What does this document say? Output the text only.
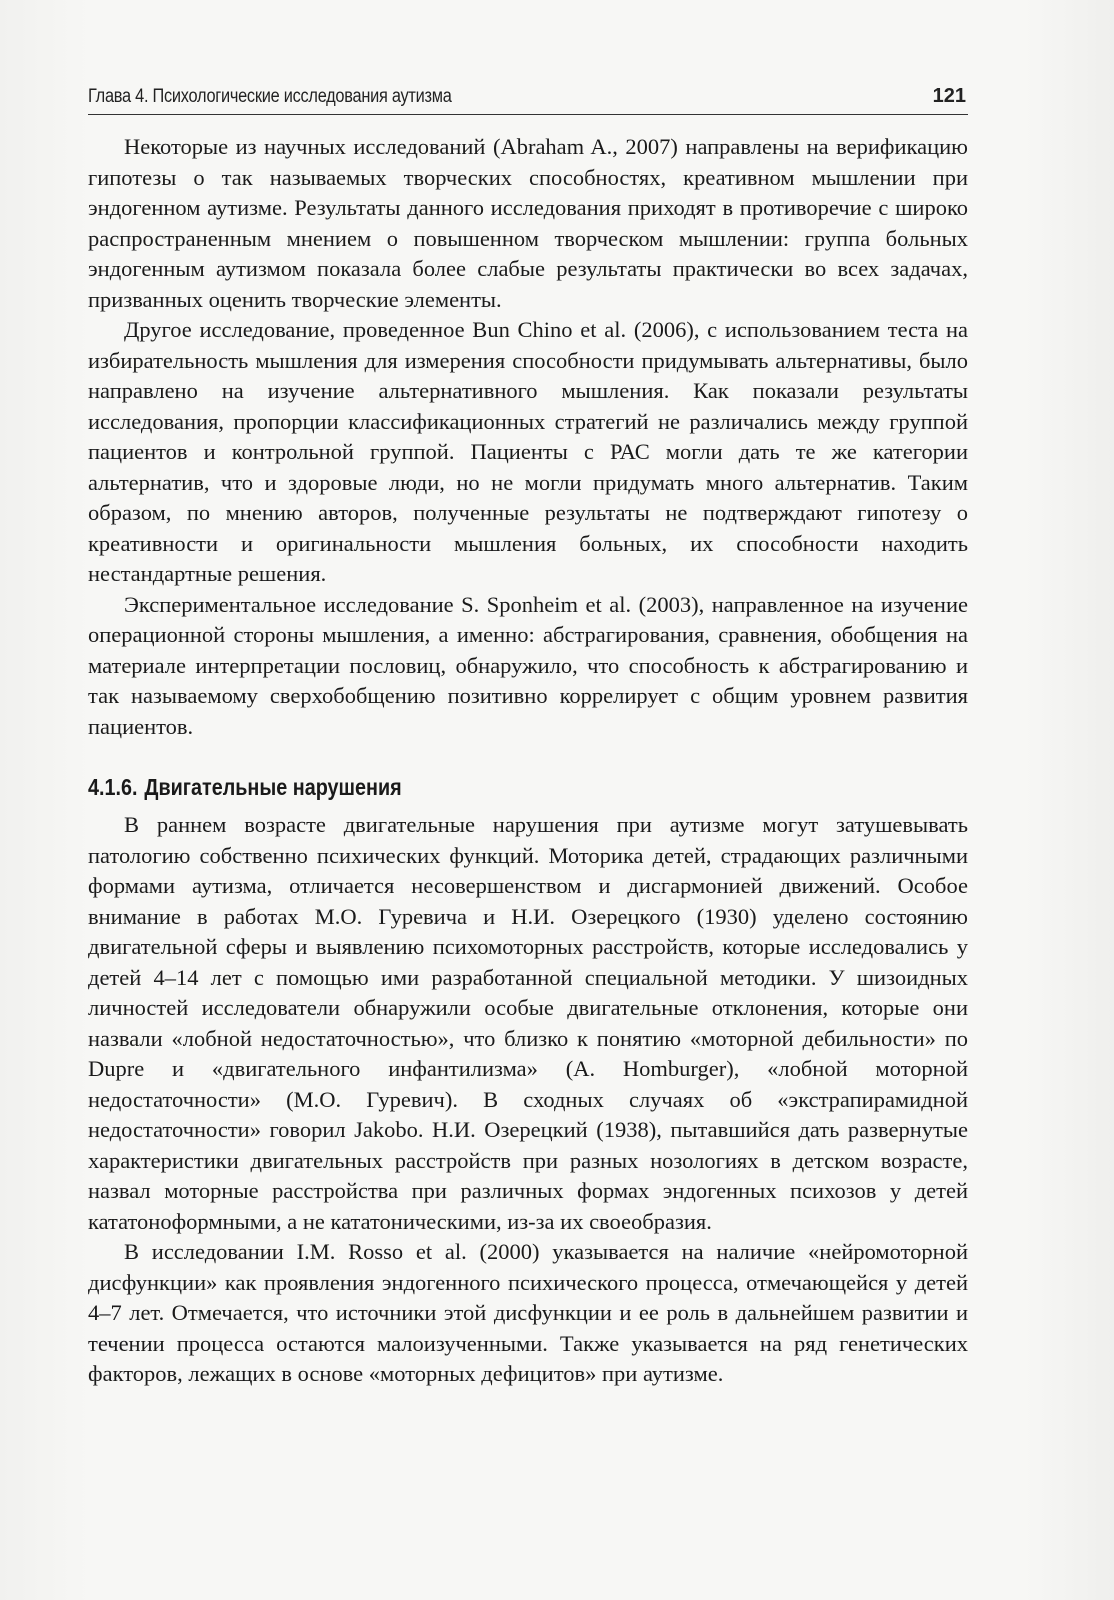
Глава 4. Психологические исследования аутизма	121

Некоторые из научных исследований (Abraham A., 2007) направлены на верификацию гипотезы о так называемых творческих способностях, креативном мышлении при эндогенном аутизме. Результаты данного исследования приходят в противоречие с широко распространенным мнением о повышенном творческом мышлении: группа больных эндогенным аутизмом показала более слабые результаты практически во всех задачах, призванных оценить творческие элементы.

Другое исследование, проведенное Bun Chino et al. (2006), с использованием теста на избирательность мышления для измерения способности придумывать альтернативы, было направлено на изучение альтернативного мышления. Как показали результаты исследования, пропорции классификационных стратегий не различались между группой пациентов и контрольной группой. Пациенты с РАС могли дать те же категории альтернатив, что и здоровые люди, но не могли придумать много альтернатив. Таким образом, по мнению авторов, полученные результаты не подтверждают гипотезу о креативности и оригинальности мышления больных, их способности находить нестандартные решения.

Экспериментальное исследование S. Sponheim et al. (2003), направленное на изучение операционной стороны мышления, а именно: абстрагирования, сравнения, обобщения на материале интерпретации пословиц, обнаружило, что способность к абстрагированию и так называемому сверхобобщению позитивно коррелирует с общим уровнем развития пациентов.

4.1.6. Двигательные нарушения

В раннем возрасте двигательные нарушения при аутизме могут затушевывать патологию собственно психических функций. Моторика детей, страдающих различными формами аутизма, отличается несовершенством и дисгармонией движений. Особое внимание в работах М.О. Гуревича и Н.И. Озерецкого (1930) уделено состоянию двигательной сферы и выявлению психомоторных расстройств, которые исследовались у детей 4–14 лет с помощью ими разработанной специальной методики. У шизоидных личностей исследователи обнаружили особые двигательные отклонения, которые они назвали «лобной недостаточностью», что близко к понятию «моторной дебильности» по Dupre и «двигательного инфантилизма» (A. Homburger), «лобной моторной недостаточности» (М.О. Гуревич). В сходных случаях об «экстрапирамидной недостаточности» говорил Jakobo. Н.И. Озерецкий (1938), пытавшийся дать развернутые характеристики двигательных расстройств при разных нозологиях в детском возрасте, назвал моторные расстройства при различных формах эндогенных психозов у детей кататоноформными, а не кататоническими, из-за их своеобразия.

В исследовании I.M. Rosso et al. (2000) указывается на наличие «нейромоторной дисфункции» как проявления эндогенного психического процесса, отмечающейся у детей 4–7 лет. Отмечается, что источники этой дисфункции и ее роль в дальнейшем развитии и течении процесса остаются малоизученными. Также указывается на ряд генетических факторов, лежащих в основе «моторных дефицитов» при аутизме.
